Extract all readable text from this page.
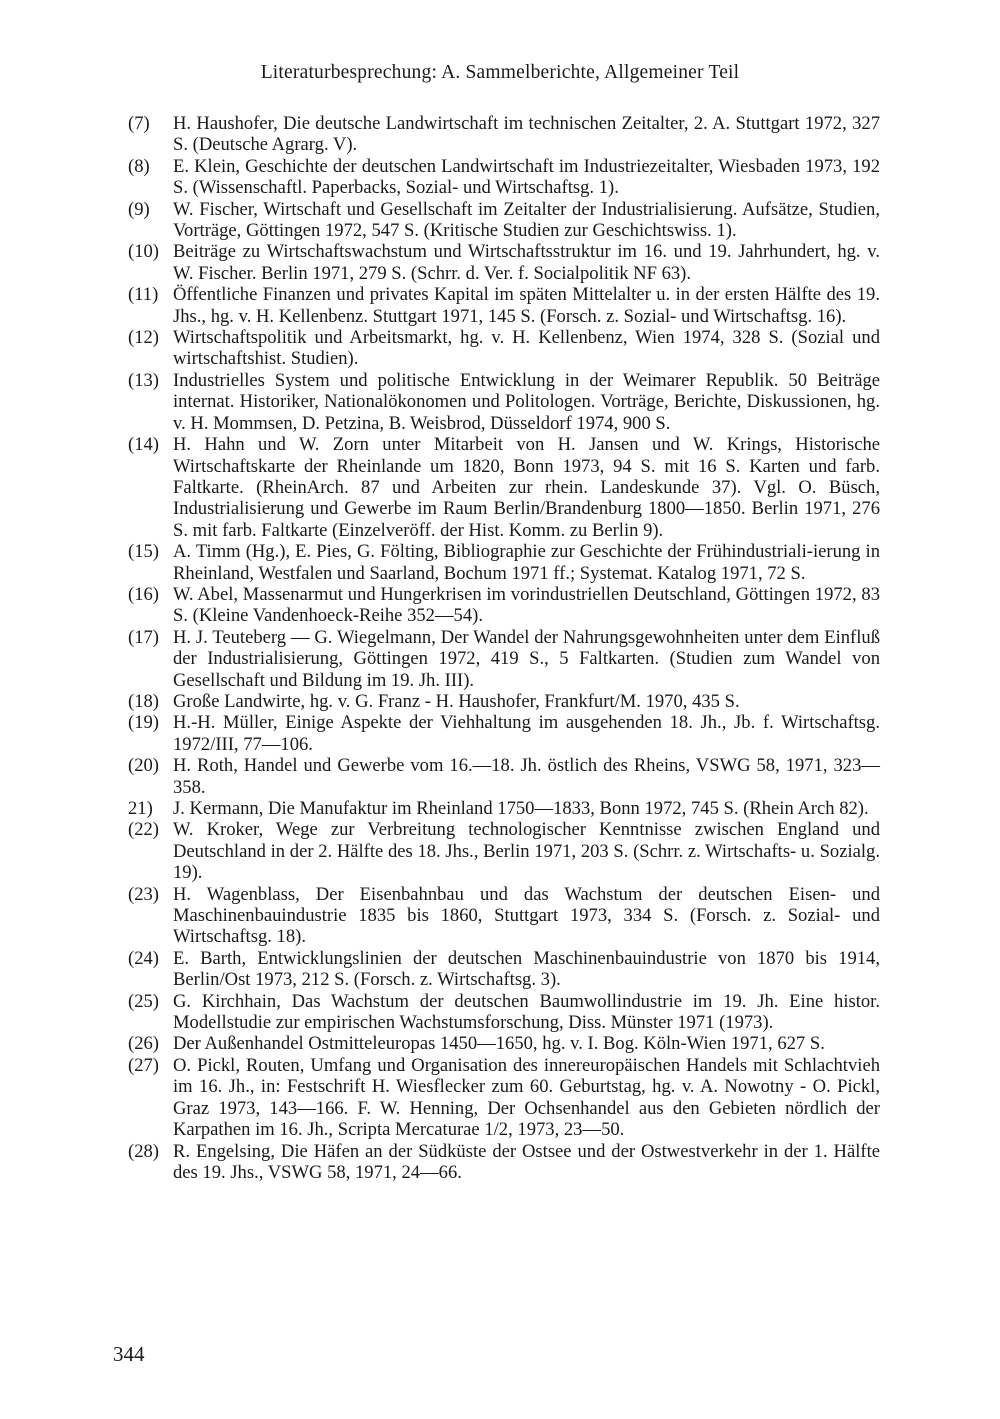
Literaturbesprechung: A. Sammelberichte, Allgemeiner Teil
(7)	H. Haushofer, Die deutsche Landwirtschaft im technischen Zeitalter, 2. A. Stuttgart 1972, 327 S. (Deutsche Agrarg. V).
(8)	E. Klein, Geschichte der deutschen Landwirtschaft im Industriezeitalter, Wiesbaden 1973, 192 S. (Wissenschaftl. Paperbacks, Sozial- und Wirtschaftsg. 1).
(9)	W. Fischer, Wirtschaft und Gesellschaft im Zeitalter der Industrialisierung. Aufsätze, Studien, Vorträge, Göttingen 1972, 547 S. (Kritische Studien zur Geschichtswiss. 1).
(10) Beiträge zu Wirtschaftswachstum und Wirtschaftsstruktur im 16. und 19. Jahrhundert, hg. v. W. Fischer. Berlin 1971, 279 S. (Schrr. d. Ver. f. Socialpolitik NF 63).
(11) Öffentliche Finanzen und privates Kapital im späten Mittelalter u. in der ersten Hälfte des 19. Jhs., hg. v. H. Kellenbenz. Stuttgart 1971, 145 S. (Forsch. z. Sozial- und Wirtschaftsg. 16).
(12) Wirtschaftspolitik und Arbeitsmarkt, hg. v. H. Kellenbenz, Wien 1974, 328 S. (Sozial und wirtschaftshist. Studien).
(13) Industrielles System und politische Entwicklung in der Weimarer Republik. 50 Beiträge internat. Historiker, Nationalökonomen und Politologen. Vorträge, Berichte, Diskussionen, hg. v. H. Mommsen, D. Petzina, B. Weisbrod, Düsseldorf 1974, 900 S.
(14) H. Hahn und W. Zorn unter Mitarbeit von H. Jansen und W. Krings, Historische Wirtschaftskarte der Rheinlande um 1820, Bonn 1973, 94 S. mit 16 S. Karten und farb. Faltkarte. (RheinArch. 87 und Arbeiten zur rhein. Landeskunde 37). Vgl. O. Büsch, Industrialisierung und Gewerbe im Raum Berlin/Brandenburg 1800—1850. Berlin 1971, 276 S. mit farb. Faltkarte (Einzelveröff. der Hist. Komm. zu Berlin 9).
(15) A. Timm (Hg.), E. Pies, G. Fölting, Bibliographie zur Geschichte der Frühindustriali-ierung in Rheinland, Westfalen und Saarland, Bochum 1971 ff.; Systemat. Katalog 1971, 72 S.
(16) W. Abel, Massenarmut und Hungerkrisen im vorindustriellen Deutschland, Göttingen 1972, 83 S. (Kleine Vandenhoeck-Reihe 352—54).
(17) H. J. Teuteberg — G. Wiegelmann, Der Wandel der Nahrungsgewohnheiten unter dem Einfluß der Industrialisierung, Göttingen 1972, 419 S., 5 Faltkarten. (Studien zum Wandel von Gesellschaft und Bildung im 19. Jh. III).
(18) Große Landwirte, hg. v. G. Franz - H. Haushofer, Frankfurt/M. 1970, 435 S.
(19) H.-H. Müller, Einige Aspekte der Viehhaltung im ausgehenden 18. Jh., Jb. f. Wirtschaftsg. 1972/III, 77—106.
(20) H. Roth, Handel und Gewerbe vom 16.—18. Jh. östlich des Rheins, VSWG 58, 1971, 323—358.
21)	J. Kermann, Die Manufaktur im Rheinland 1750—1833, Bonn 1972, 745 S. (Rhein Arch 82).
(22) W. Kroker, Wege zur Verbreitung technologischer Kenntnisse zwischen England und Deutschland in der 2. Hälfte des 18. Jhs., Berlin 1971, 203 S. (Schrr. z. Wirtschafts- u. Sozialg. 19).
(23) H. Wagenblass, Der Eisenbahnbau und das Wachstum der deutschen Eisen- und Maschinenbauindustrie 1835 bis 1860, Stuttgart 1973, 334 S. (Forsch. z. Sozial- und Wirtschaftsg. 18).
(24) E. Barth, Entwicklungslinien der deutschen Maschinenbauindustrie von 1870 bis 1914, Berlin/Ost 1973, 212 S. (Forsch. z. Wirtschaftsg. 3).
(25) G. Kirchhain, Das Wachstum der deutschen Baumwollindustrie im 19. Jh. Eine histor. Modellstudie zur empirischen Wachstumsforschung, Diss. Münster 1971 (1973).
(26) Der Außenhandel Ostmitteleuropas 1450—1650, hg. v. I. Bog. Köln-Wien 1971, 627 S.
(27) O. Pickl, Routen, Umfang und Organisation des innereuropäischen Handels mit Schlachtvieh im 16. Jh., in: Festschrift H. Wiesflecker zum 60. Geburtstag, hg. v. A. Nowotny - O. Pickl, Graz 1973, 143—166. F. W. Henning, Der Ochsenhandel aus den Gebieten nördlich der Karpathen im 16. Jh., Scripta Mercaturae 1/2, 1973, 23—50.
(28) R. Engelsing, Die Häfen an der Südküste der Ostsee und der Ostwestverkehr in der 1. Hälfte des 19. Jhs., VSWG 58, 1971, 24—66.
344
